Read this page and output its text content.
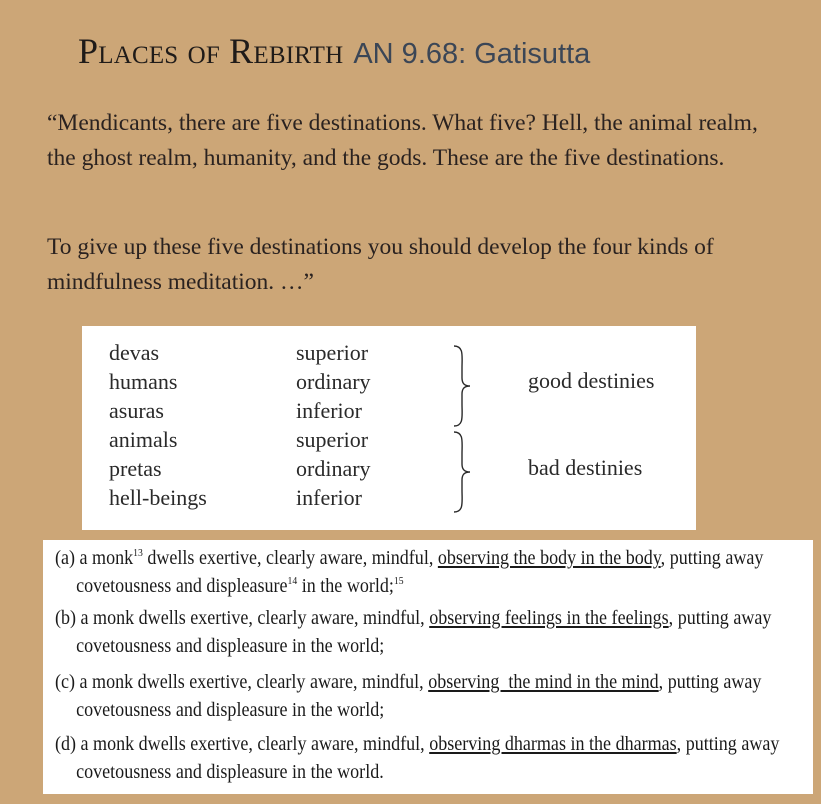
Places of Rebirth AN 9.68: Gatisutta
“Mendicants, there are five destinations. What five? Hell, the animal realm, the ghost realm, humanity, and the gods. These are the five destinations.
To give up these five destinations you should develop the four kinds of mindfulness meditation. …”
devas
humans
asuras
animals
pretas
hell-beings
superior
ordinary
inferior
superior
ordinary
inferior
good destinies
bad destinies
(a) a monk$^{13}$ dwells exertive, clearly aware, mindful, observing the body in the body, putting away
covetousness and displeasure$^{14}$ in the world;$^{15}$
(b) a monk dwells exertive, clearly aware, mindful, observing feelings in the feelings, putting away
covetousness and displeasure in the world;
(c) a monk dwells exertive, clearly aware, mindful, observing  the mind in the mind, putting away
covetousness and displeasure in the world;
(d) a monk dwells exertive, clearly aware, mindful, observing dharmas in the dharmas, putting away
covetousness and displeasure in the world.
